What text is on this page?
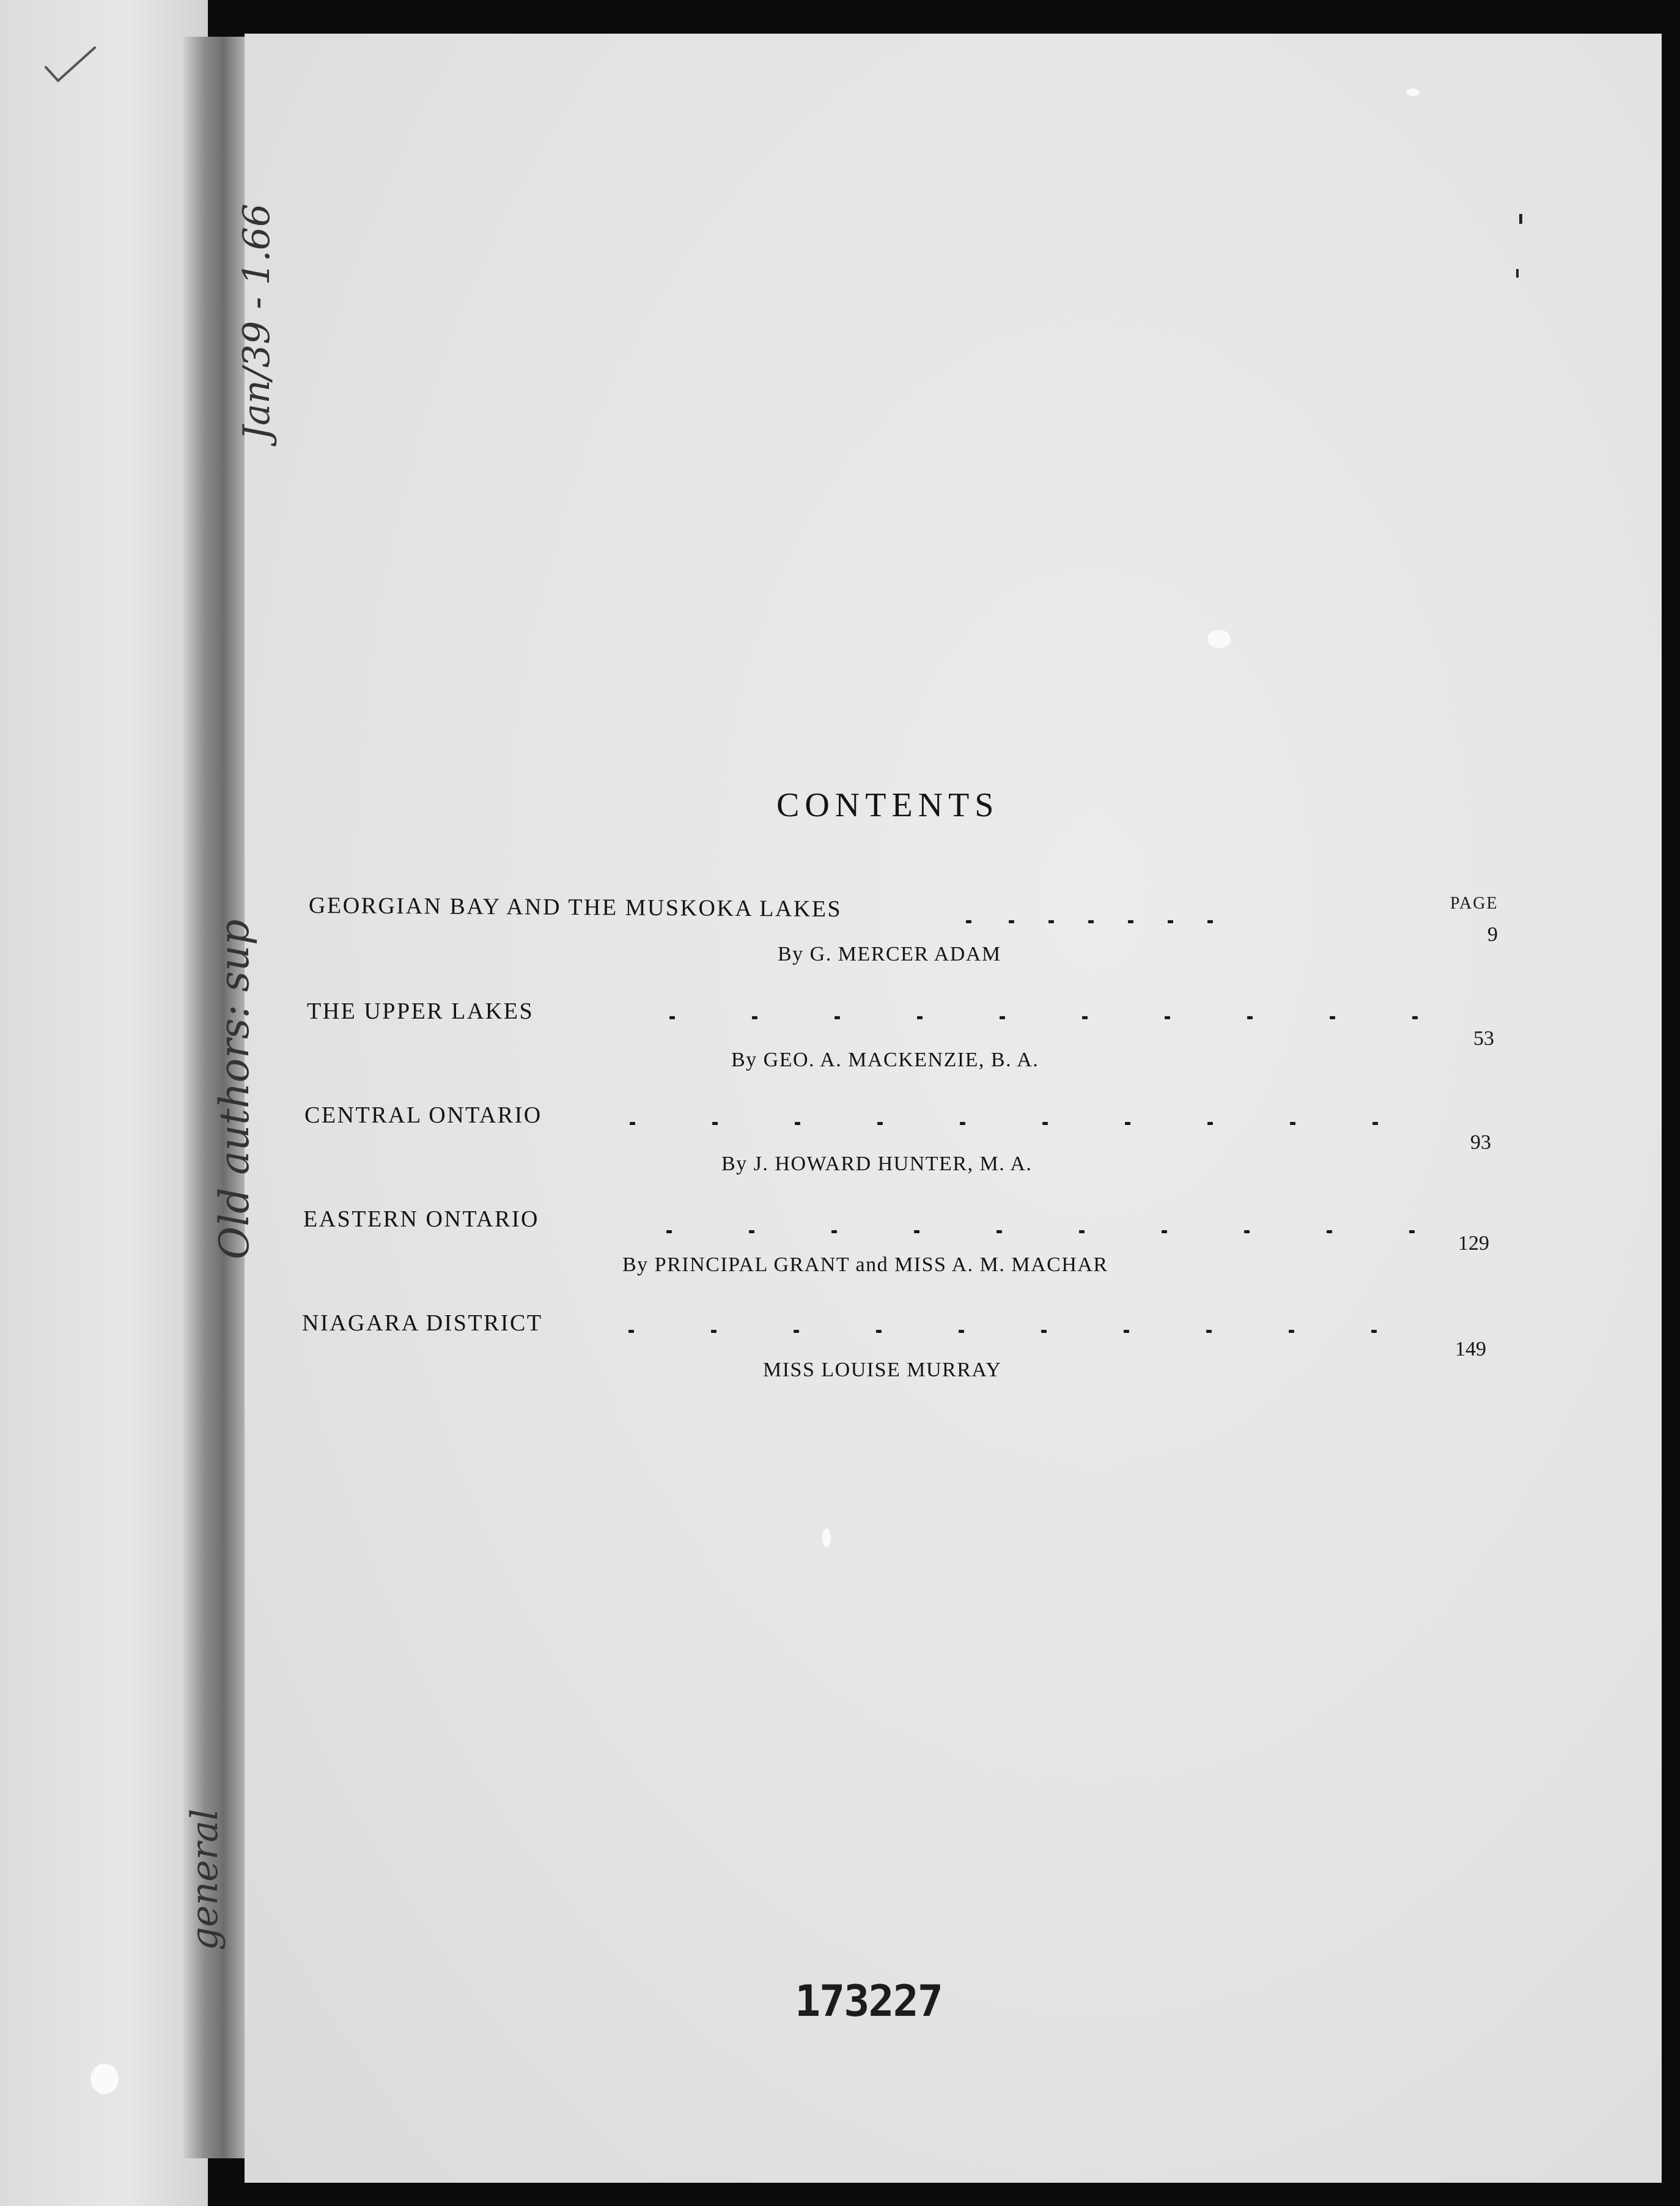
Jan/39 - 1.66
Old authors: sup
general
CONTENTS
PAGE
GEORGIAN BAY AND THE MUSKOKA LAKES
9
By G. MERCER ADAM
THE UPPER LAKES
53
By GEO. A. MACKENZIE, B. A.
CENTRAL ONTARIO
93
By J. HOWARD HUNTER, M. A.
EASTERN ONTARIO
129
By PRINCIPAL GRANT and MISS A. M. MACHAR
NIAGARA DISTRICT
149
MISS LOUISE MURRAY
173227
